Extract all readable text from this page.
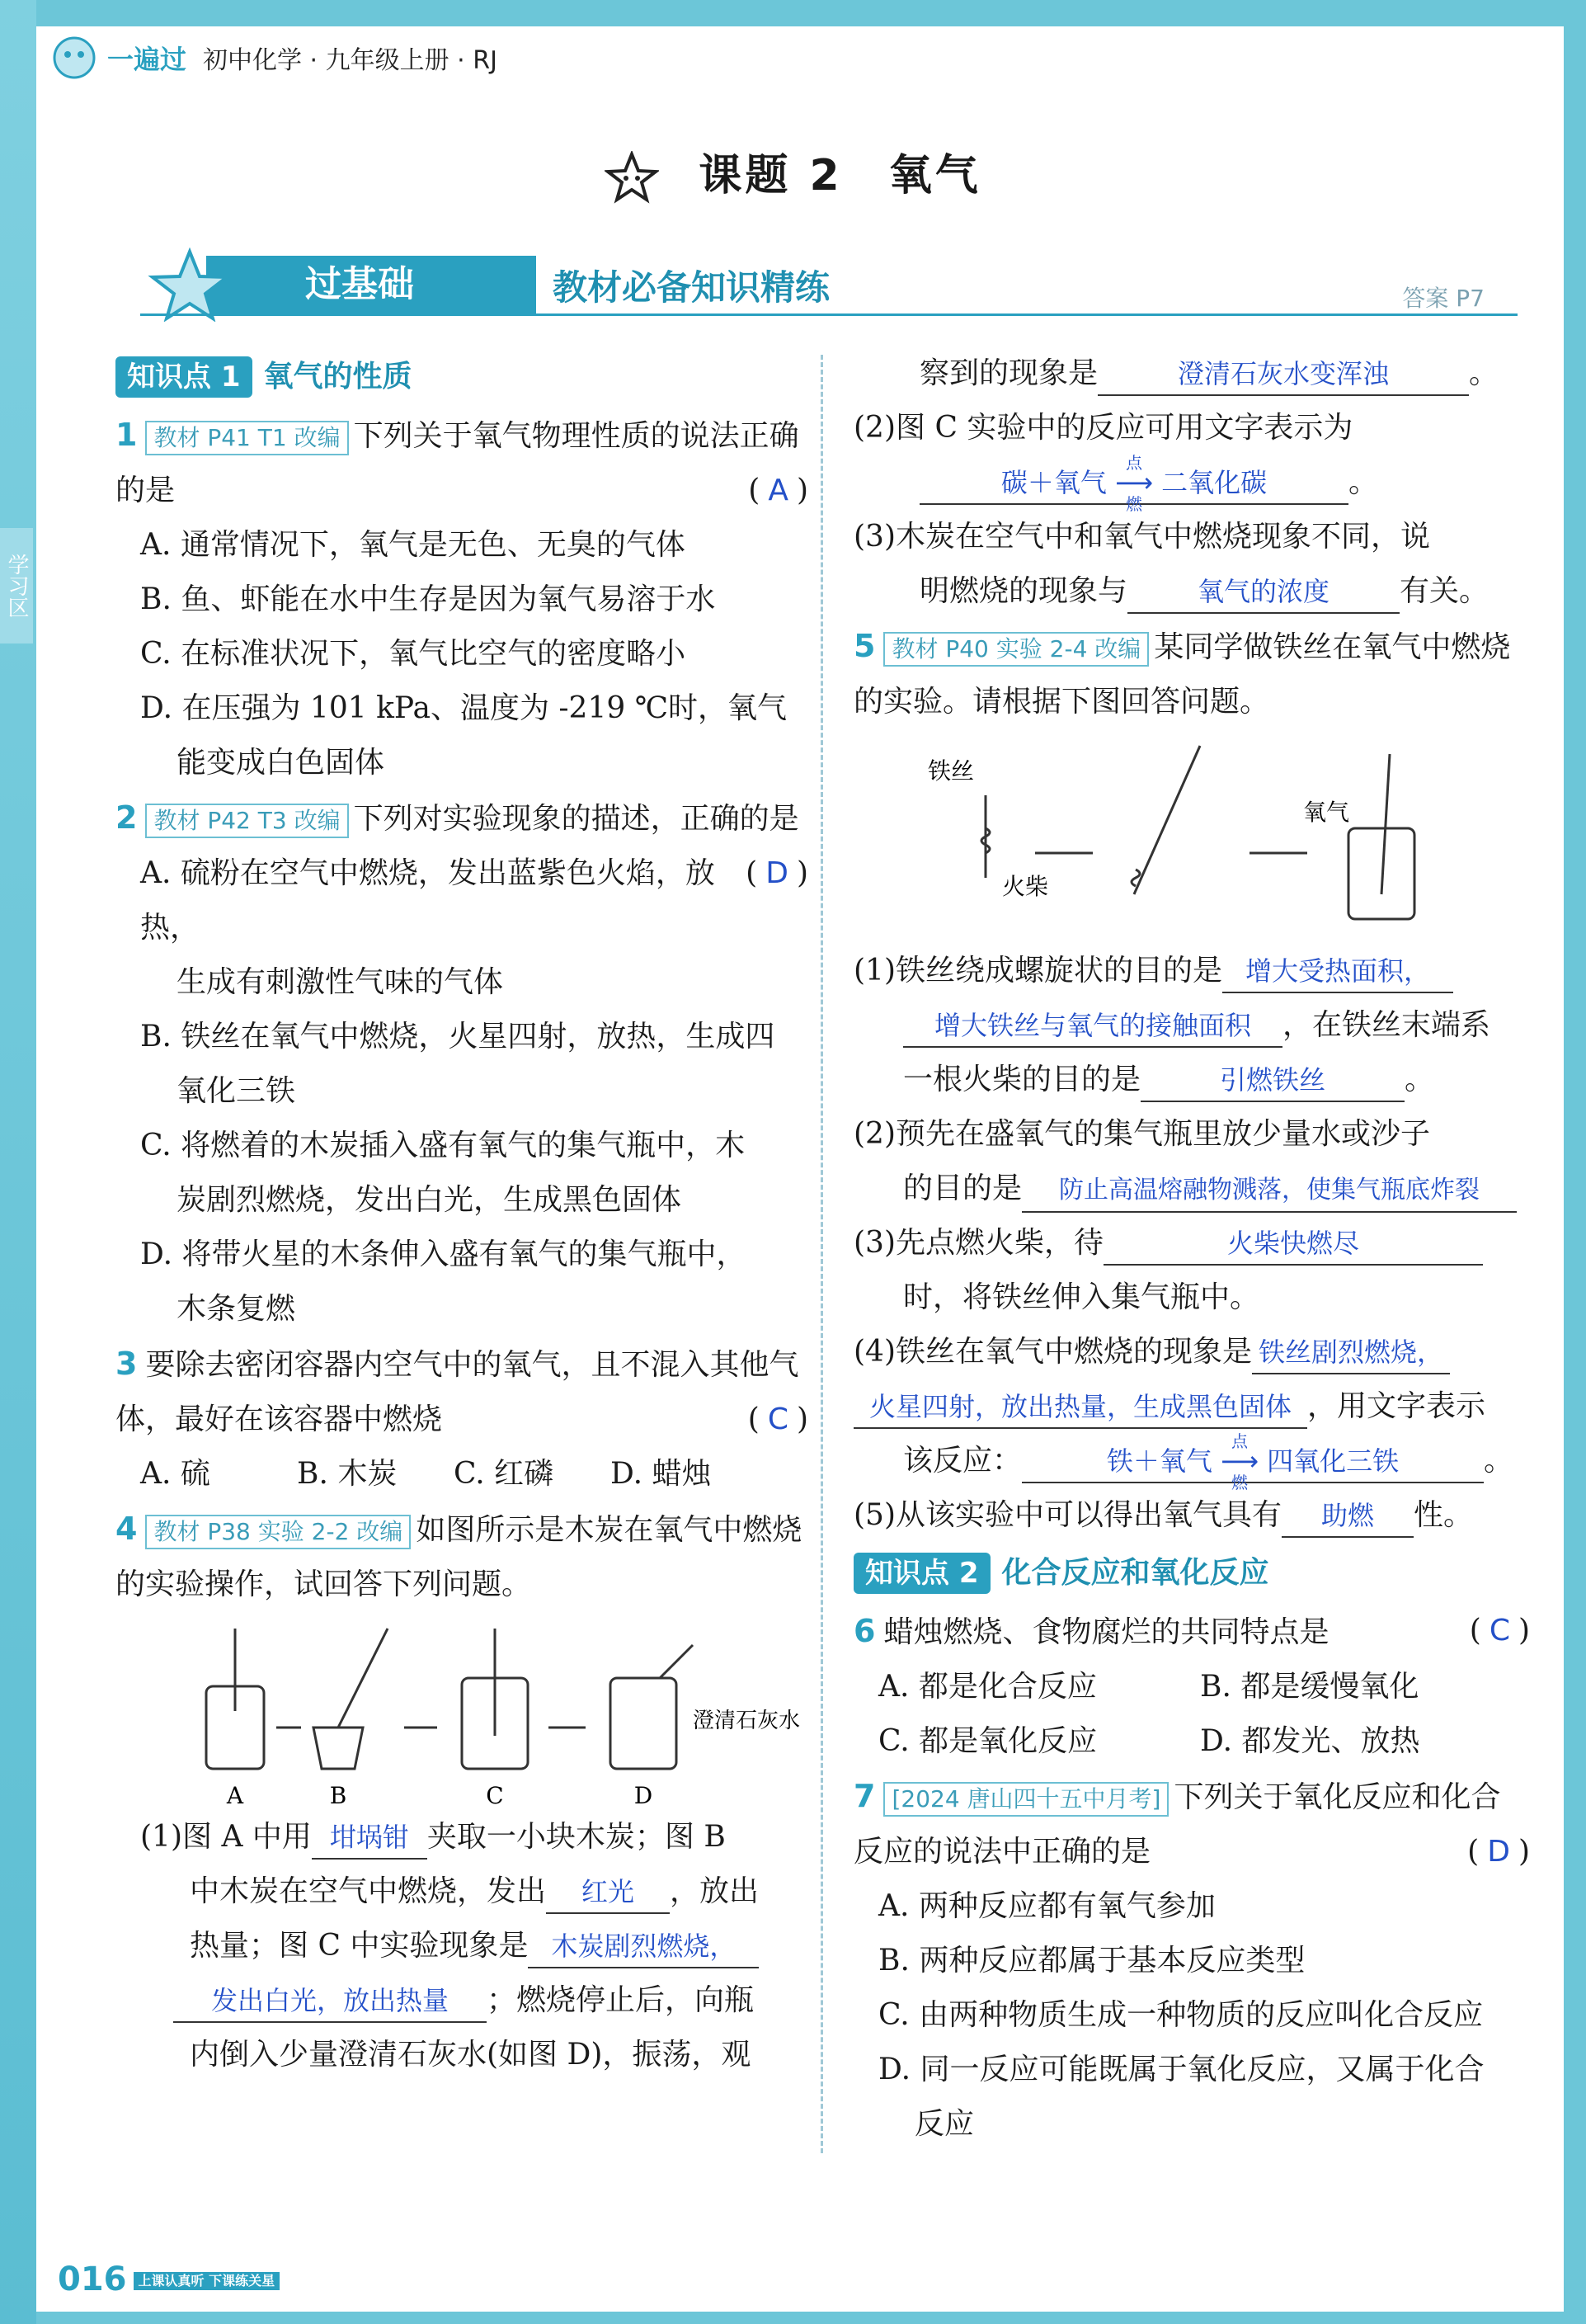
学习区
一遍过 初中化学 · 九年级上册 · RJ
课题 2　氧气
过基础	教材必备知识精练	答案 P7
知识点 1 氧气的性质
1 教材 P41 T1 改编 下列关于氧气物理性质的说法正确的是	( A )
A. 通常情况下，氧气是无色、无臭的气体
B. 鱼、虾能在水中生存是因为氧气易溶于水
C. 在标准状况下，氧气比空气的密度略小
D. 在压强为 101 kPa、温度为 -219 ℃时，氧气
能变成白色固体
2 教材 P42 T3 改编 下列对实验现象的描述，正确的是
( D )
A. 硫粉在空气中燃烧，发出蓝紫色火焰，放热，
生成有刺激性气味的气体
B. 铁丝在氧气中燃烧，火星四射，放热，生成四
氧化三铁
C. 将燃着的木炭插入盛有氧气的集气瓶中，木
炭剧烈燃烧，发出白光，生成黑色固体
D. 将带火星的木条伸入盛有氧气的集气瓶中，
木条复燃
3 要除去密闭容器内空气中的氧气，且不混入其他气体，最好在该容器中燃烧	( C )
A. 硫	B. 木炭	C. 红磷	D. 蜡烛
4 教材 P38 实验 2-2 改编 如图所示是木炭在氧气中燃烧的实验操作，试回答下列问题。
A	B	C	D
澄清石灰水
(1)图 A 中用 坩埚钳 夹取一小块木炭；图 B
中木炭在空气中燃烧，发出 红光 ，放出
热量；图 C 中实验现象是 木炭剧烈燃烧，
发出白光，放出热量 ；燃烧停止后，向瓶
内倒入少量澄清石灰水(如图 D)，振荡，观
察到的现象是	澄清石灰水变浑浊	。
(2)图 C 实验中的反应可用文字表示为
碳＋氧气
点燃
⟶ 二氧化碳	。
(3)木炭在空气中和氧气中燃烧现象不同，说
明燃烧的现象与	氧气的浓度 有关。
5 教材 P40 实验 2-4 改编 某同学做铁丝在氧气中燃烧的实验。请根据下图回答问题。
铁丝
火柴
氧气
(1)铁丝绕成螺旋状的目的是 增大受热面积，
增大铁丝与氧气的接触面积 ，在铁丝末端系
一根火柴的目的是	引燃铁丝	。
(2)预先在盛氧气的集气瓶里放少量水或沙子
的目的是 防止高温熔融物溅落，使集气瓶底炸裂
(3)先点燃火柴，待	火柴快燃尽
时，将铁丝伸入集气瓶中。
(4)铁丝在氧气中燃烧的现象是 铁丝剧烈燃烧，
火星四射，放出热量，生成黑色固体 ，用文字表示
该反应：	铁＋氧气
点燃
⟶ 四氧化三铁	。
(5)从该实验中可以得出氧气具有 助燃 性。
知识点 2 化合反应和氧化反应
6 蜡烛燃烧、食物腐烂的共同特点是	( C )
A. 都是化合反应	B. 都是缓慢氧化
C. 都是氧化反应	D. 都发光、放热
7 [2024 唐山四十五中月考] 下列关于氧化反应和化合反应的说法中正确的是	( D )
A. 两种反应都有氧气参加
B. 两种反应都属于基本反应类型
C. 由两种物质生成一种物质的反应叫化合反应
D. 同一反应可能既属于氧化反应，又属于化合
反应
016 上课认真听 下课练关星
